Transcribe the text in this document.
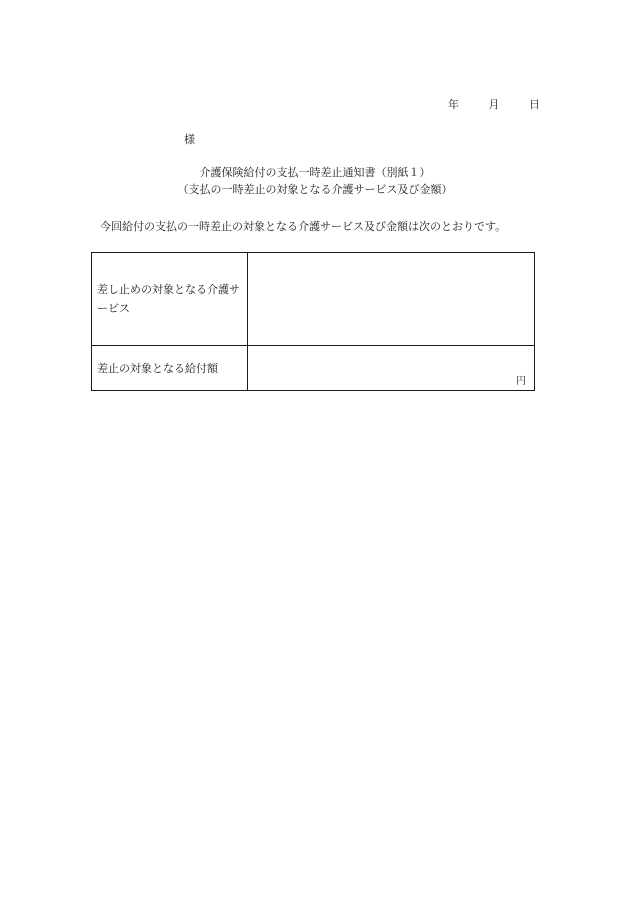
年	月	日
様
介護保険給付の支払一時差止通知書（別紙１）
（支払の一時差止の対象となる介護サービス及び金額）
今回給付の支払の一時差止の対象となる介護サービス及び金額は次のとおりです。
差し止めの対象となる介護サービス	
差止の対象となる給付額	円
